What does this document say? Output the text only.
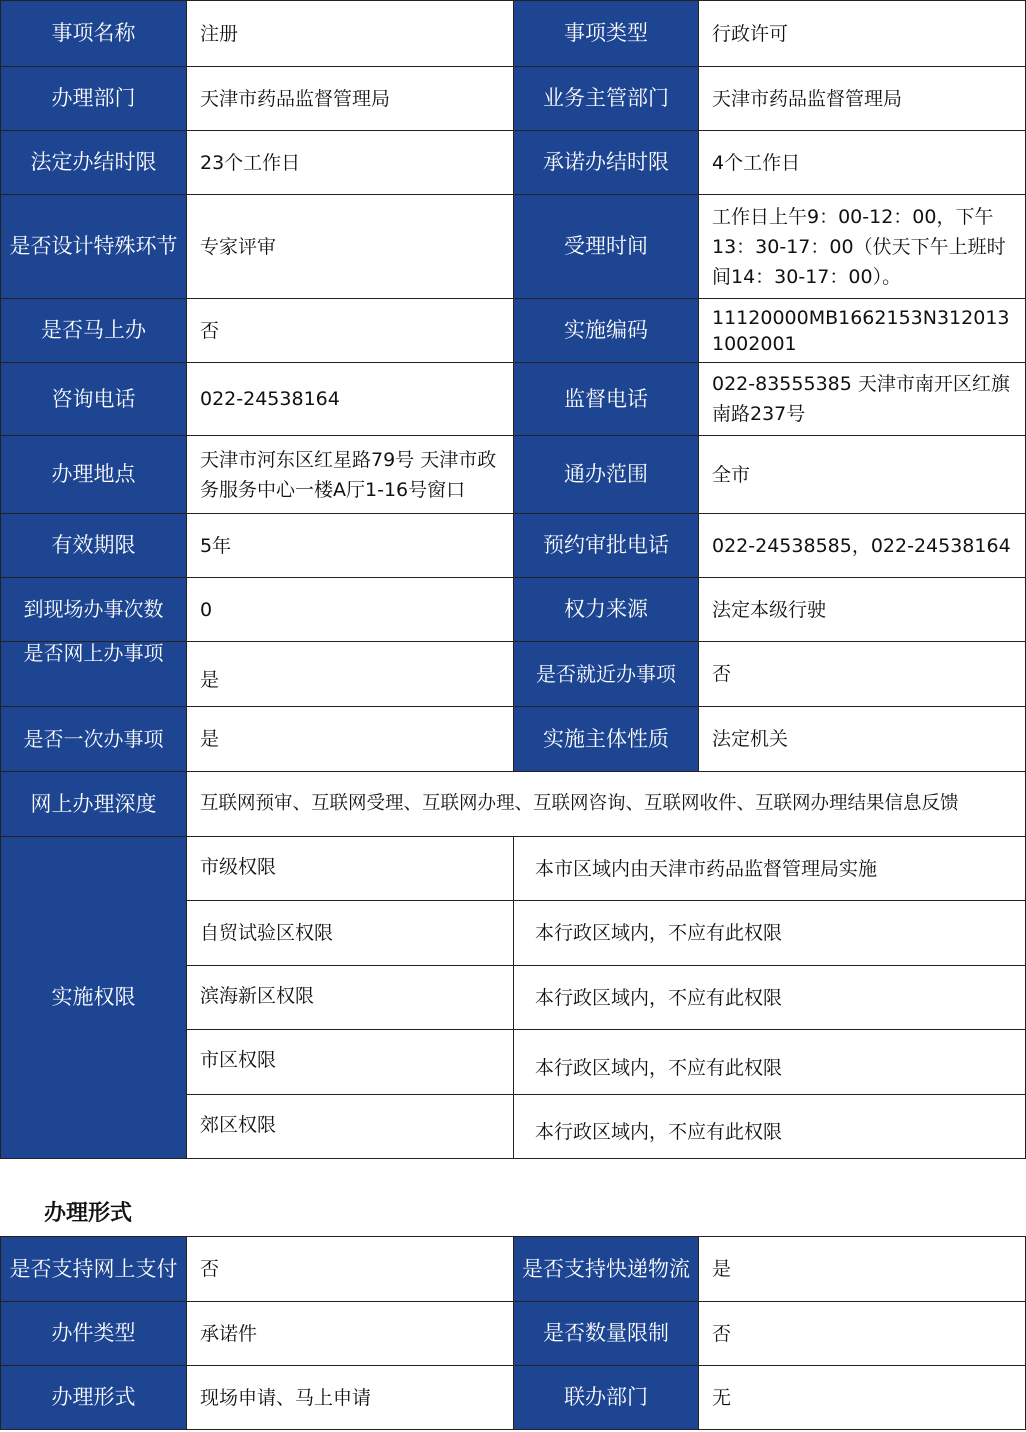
事项名称	注册	事项类型	行政许可
办理部门	天津市药品监督管理局	业务主管部门	天津市药品监督管理局
法定办结时限	23个工作日	承诺办结时限	4个工作日
是否设计特殊环节	专家评审	受理时间	工作日上午9：00-12：00，下午13：30-17：00（伏天下午上班时间14：30-17：00）。
是否马上办	否	实施编码	11120000MB1662153N3120131002001
咨询电话	022-24538164	监督电话	022-83555385 天津市南开区红旗南路237号
办理地点	天津市河东区红星路79号 天津市政务服务中心一楼A厅1-16号窗口	通办范围	全市
有效期限	5年	预约审批电话	022-24538585，022-24538164
到现场办事次数	0	权力来源	法定本级行驶
是否网上办事项	是	是否就近办事项	否
是否一次办事项	是	实施主体性质	法定机关
网上办理深度	互联网预审、互联网受理、互联网办理、互联网咨询、互联网收件、互联网办理结果信息反馈		
实施权限	市级权限	本市区域内由天津市药品监督管理局实施	
	自贸试验区权限	本行政区域内，不应有此权限	
	滨海新区权限	本行政区域内，不应有此权限	
	市区权限	本行政区域内，不应有此权限	
	郊区权限	本行政区域内，不应有此权限	
办理形式
是否支持网上支付	否	是否支持快递物流	是
办件类型	承诺件	是否数量限制	否
办理形式	现场申请、马上申请	联办部门	无
